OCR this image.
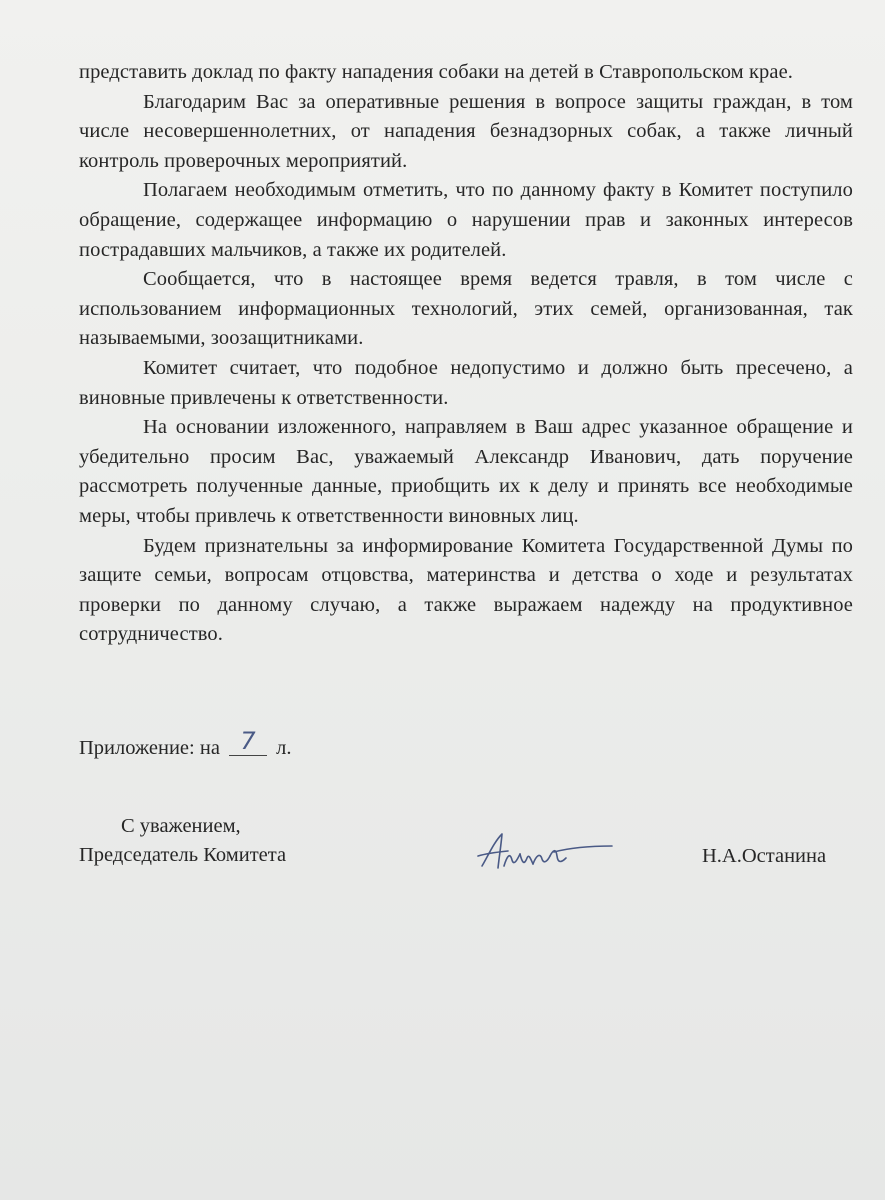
представить доклад по факту нападения собаки на детей в Ставропольском крае.

Благодарим Вас за оперативные решения в вопросе защиты граждан, в том числе несовершеннолетних, от нападения безнадзорных собак, а также личный контроль проверочных мероприятий.

Полагаем необходимым отметить, что по данному факту в Комитет поступило обращение, содержащее информацию о нарушении прав и законных интересов пострадавших мальчиков, а также их родителей.

Сообщается, что в настоящее время ведется травля, в том числе с использованием информационных технологий, этих семей, организованная, так называемыми, зоозащитниками.

Комитет считает, что подобное недопустимо и должно быть пресечено, а виновные привлечены к ответственности.

На основании изложенного, направляем в Ваш адрес указанное обращение и убедительно просим Вас, уважаемый Александр Иванович, дать поручение рассмотреть полученные данные, приобщить их к делу и принять все необходимые меры, чтобы привлечь к ответственности виновных лиц.

Будем признательны за информирование Комитета Государственной Думы по защите семьи, вопросам отцовства, материнства и детства о ходе и результатах проверки по данному случаю, а также выражаем надежду на продуктивное сотрудничество.

Приложение: на 7 л.
С уважением,
Председатель Комитета	Н.А.Останина
